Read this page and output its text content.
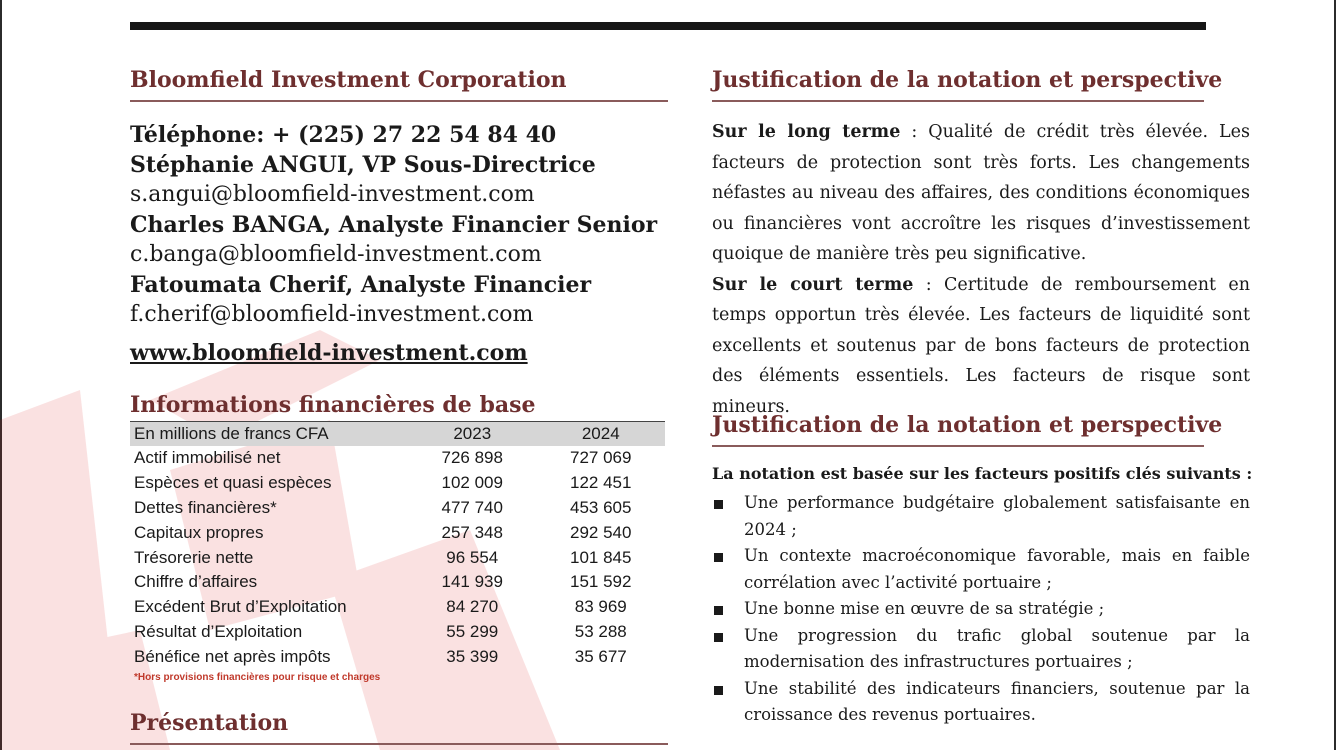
Bloomfield Investment Corporation
Téléphone: + (225) 27 22 54 84 40
Stéphanie ANGUI, VP Sous-Directrice
s.angui@bloomfield-investment.com
Charles BANGA, Analyste Financier Senior
c.banga@bloomfield-investment.com
Fatoumata Cherif, Analyste Financier
f.cherif@bloomfield-investment.com
www.bloomfield-investment.com
Informations financières de base
En millions de francs CFA	2023	2024
Actif immobilisé net	726 898	727 069
Espèces et quasi espèces	102 009	122 451
Dettes financières*	477 740	453 605
Capitaux propres	257 348	292 540
Trésorerie nette	96 554	101 845
Chiffre d’affaires	141 939	151 592
Excédent Brut d’Exploitation	84 270	83 969
Résultat d’Exploitation	55 299	53 288
Bénéfice net après impôts	35 399	35 677
*Hors provisions financières pour risque et charges
Présentation
Justification de la notation et perspective

Sur le long terme : Qualité de crédit très élevée. Les facteurs de protection sont très forts. Les changements néfastes au niveau des affaires, des conditions économiques ou financières vont accroître les risques d’investissement quoique de manière très peu significative.

Sur le court terme : Certitude de remboursement en temps opportun très élevée. Les facteurs de liquidité sont excellents et soutenus par de bons facteurs de protection des éléments essentiels. Les facteurs de risque sont mineurs.

Justification de la notation et perspective
La notation est basée sur les facteurs positifs clés suivants :
Une performance budgétaire globalement satisfaisante en 2024 ;
Un contexte macroéconomique favorable, mais en faible corrélation avec l’activité portuaire ;
Une bonne mise en œuvre de sa stratégie ;
Une progression du trafic global soutenue par la modernisation des infrastructures portuaires ;
Une stabilité des indicateurs financiers, soutenue par la croissance des revenus portuaires.
